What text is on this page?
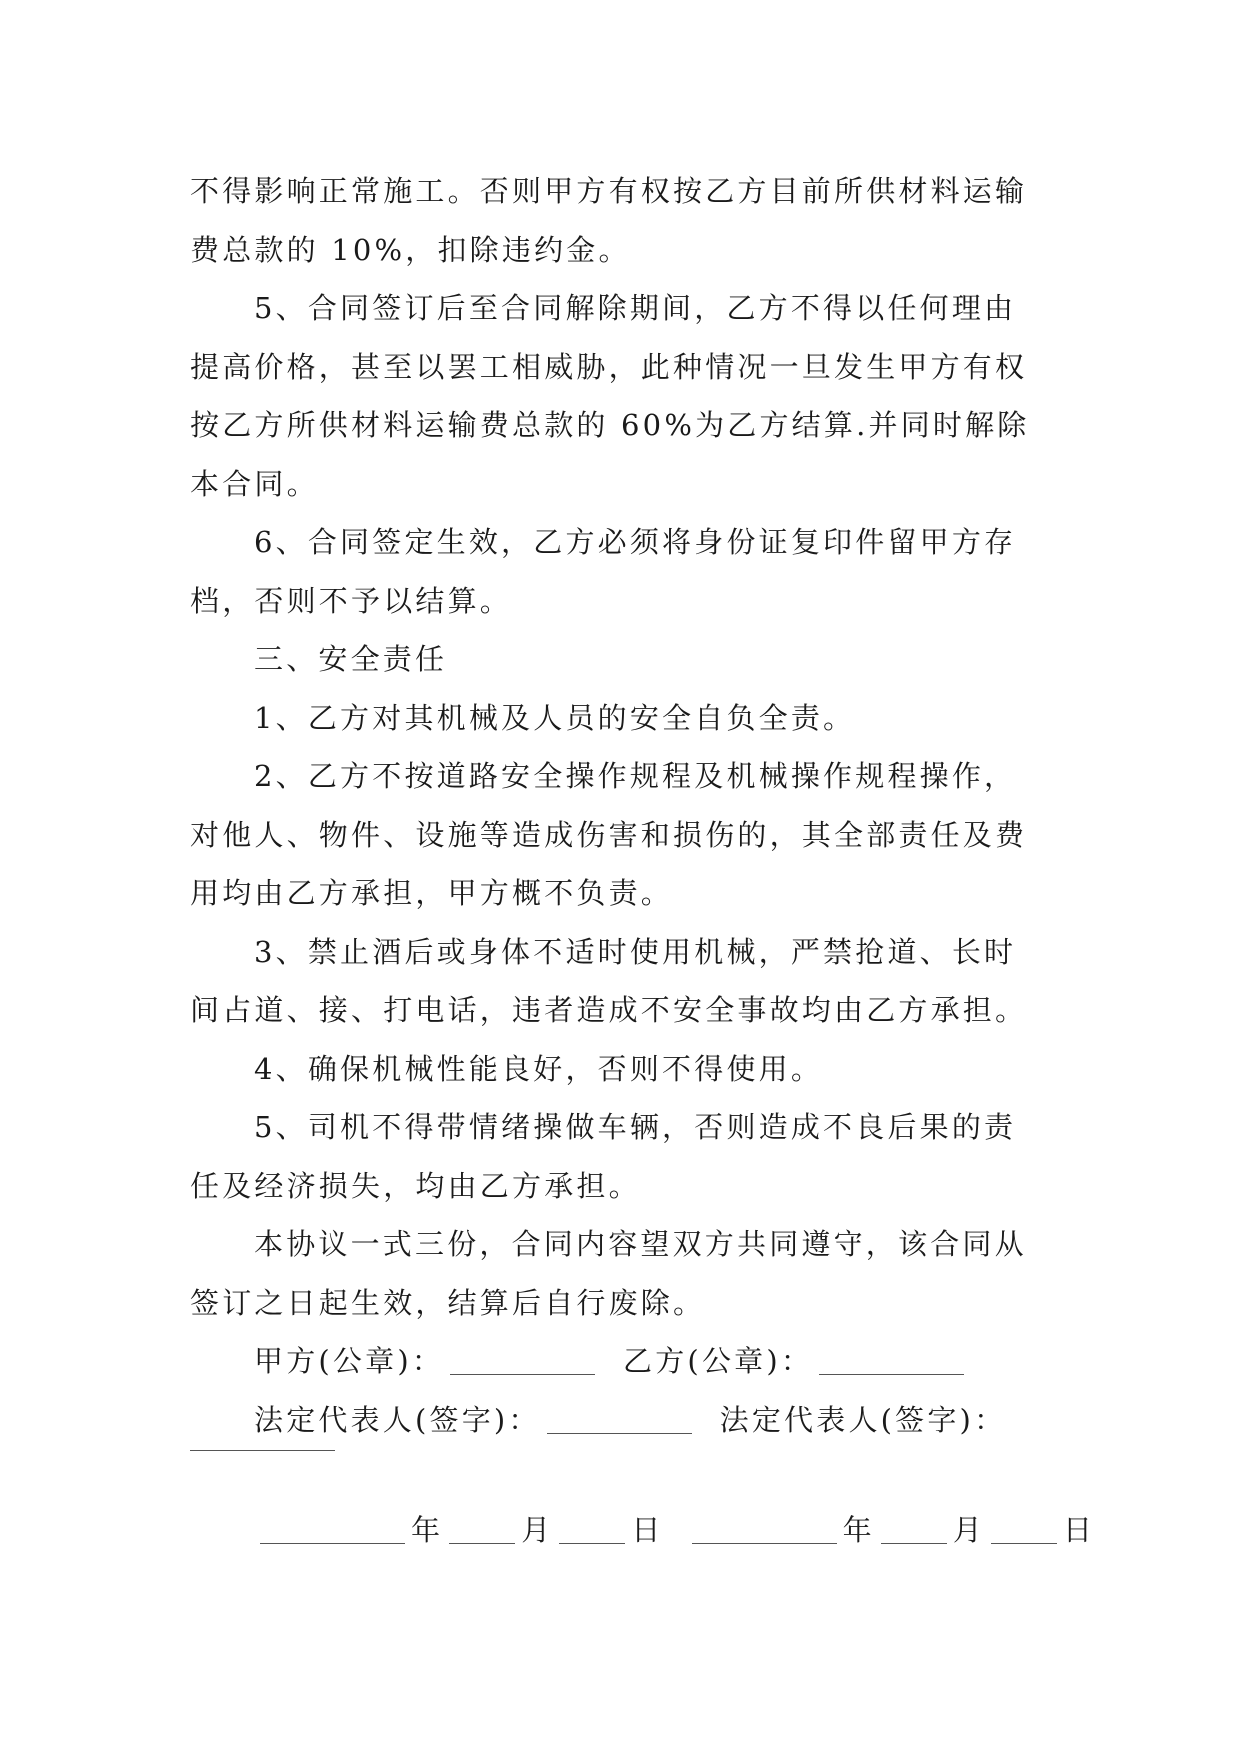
不得影响正常施工。否则甲方有权按乙方目前所供材料运输

费总款的 10%，扣除违约金。

5、合同签订后至合同解除期间，乙方不得以任何理由

提高价格，甚至以罢工相威胁，此种情况一旦发生甲方有权

按乙方所供材料运输费总款的 60%为乙方结算.并同时解除

本合同。

6、合同签定生效，乙方必须将身份证复印件留甲方存

档，否则不予以结算。

三、安全责任

1、乙方对其机械及人员的安全自负全责。

2、乙方不按道路安全操作规程及机械操作规程操作，

对他人、物件、设施等造成伤害和损伤的，其全部责任及费

用均由乙方承担，甲方概不负责。

3、禁止酒后或身体不适时使用机械，严禁抢道、长时

间占道、接、打电话，违者造成不安全事故均由乙方承担。

4、确保机械性能良好，否则不得使用。

5、司机不得带情绪操做车辆，否则造成不良后果的责

任及经济损失，均由乙方承担。

本协议一式三份，合同内容望双方共同遵守，该合同从

签订之日起生效，结算后自行废除。

甲方(公章)：	乙方(公章)：

法定代表人(签字)：	法定代表人(签字)：

年	月	日	年	月	日
